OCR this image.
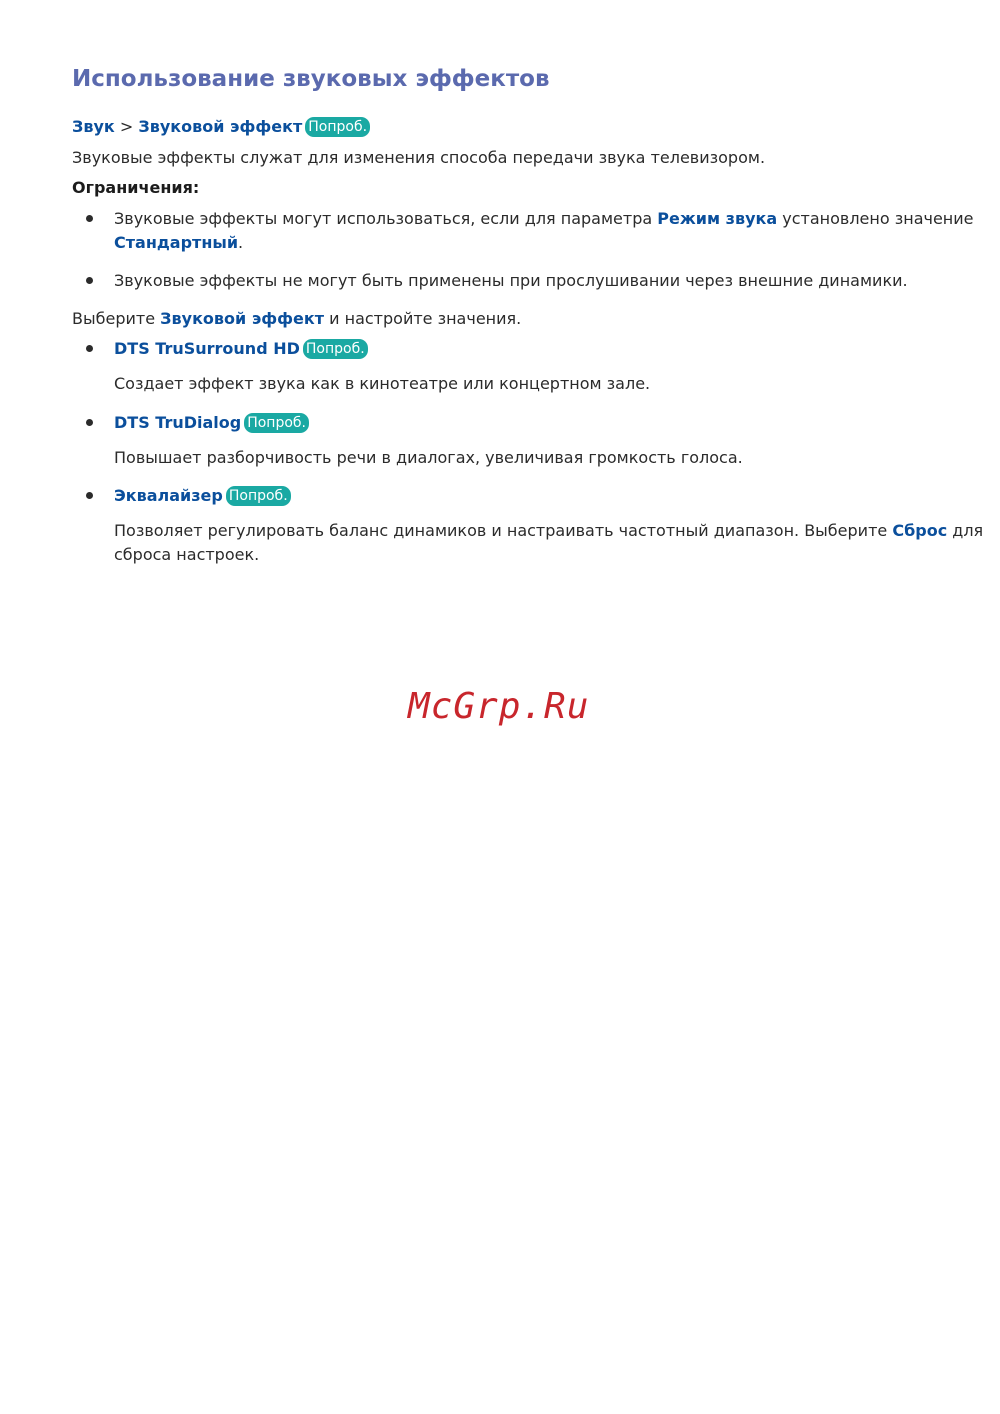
Использование звуковых эффектов
Звук > Звуковой эффект Попроб.
Звуковые эффекты служат для изменения способа передачи звука телевизором.
Ограничения:
Звуковые эффекты могут использоваться, если для параметра Режим звука установлено значение
Стандартный.
Звуковые эффекты не могут быть применены при прослушивании через внешние динамики.
Выберите Звуковой эффект и настройте значения.
DTS TruSurround HD Попроб.
Создает эффект звука как в кинотеатре или концертном зале.
DTS TruDialog Попроб.
Повышает разборчивость речи в диалогах, увеличивая громкость голоса.
Эквалайзер Попроб.
Позволяет регулировать баланс динамиков и настраивать частотный диапазон. Выберите Сброс для
сброса настроек.
McGrp.Ru
